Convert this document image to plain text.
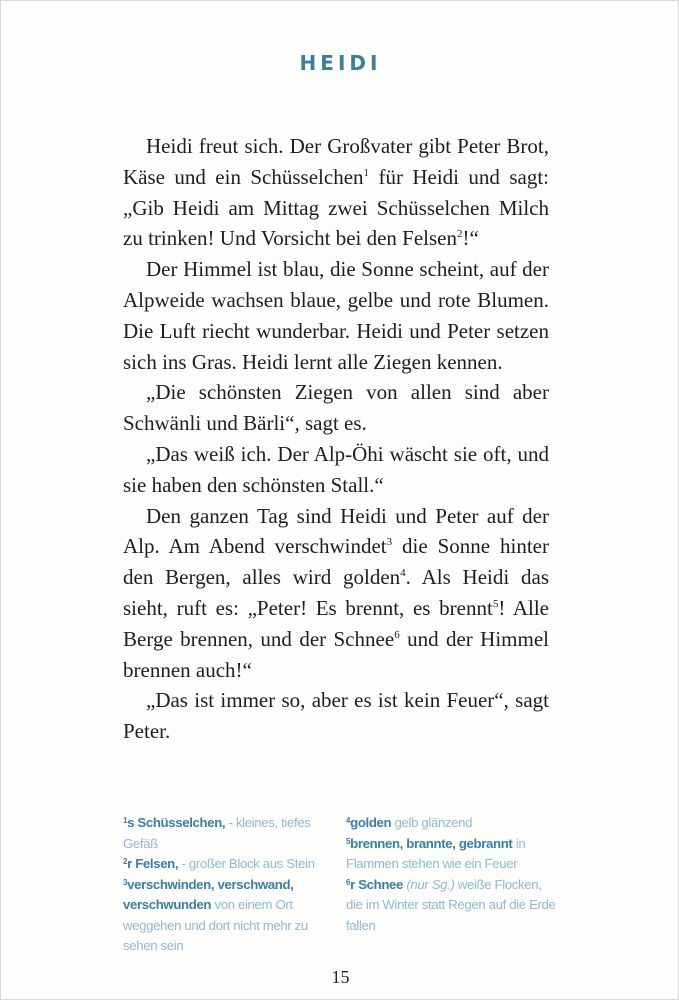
HEIDI

Heidi freut sich. Der Großvater gibt Peter Brot, Käse und ein Schüsselchen$^1$ für Heidi und sagt: „Gib Heidi am Mittag zwei Schüsselchen Milch zu trinken! Und Vorsicht bei den Felsen$^2$!“

Der Himmel ist blau, die Sonne scheint, auf der Alpweide wachsen blaue, gelbe und rote Blumen. Die Luft riecht wunderbar. Heidi und Peter setzen sich ins Gras. Heidi lernt alle Ziegen kennen.

„Die schönsten Ziegen von allen sind aber Schwänli und Bärli“, sagt es.

„Das weiß ich. Der Alp-Öhi wäscht sie oft, und sie haben den schönsten Stall.“

Den ganzen Tag sind Heidi und Peter auf der Alp. Am Abend verschwindet$^3$ die Sonne hinter den Bergen, alles wird golden$^4$. Als Heidi das sieht, ruft es: „Peter! Es brennt, es brennt$^5$! Alle Berge brennen, und der Schnee$^6$ und der Himmel brennen auch!“

„Das ist immer so, aber es ist kein Feuer“, sagt Peter.

$^1$s Schüsselchen, - kleines, tiefes Gefäß
$^2$r Felsen, - großer Block aus Stein
$^3$verschwinden, verschwand, verschwunden von einem Ort weggehen und dort nicht mehr zu sehen sein
$^4$golden gelb glänzend
$^5$brennen, brannte, gebrannt in Flammen stehen wie ein Feuer
$^6$r Schnee (nur Sg.) weiße Flocken, die im Winter statt Regen auf die Erde fallen
15
